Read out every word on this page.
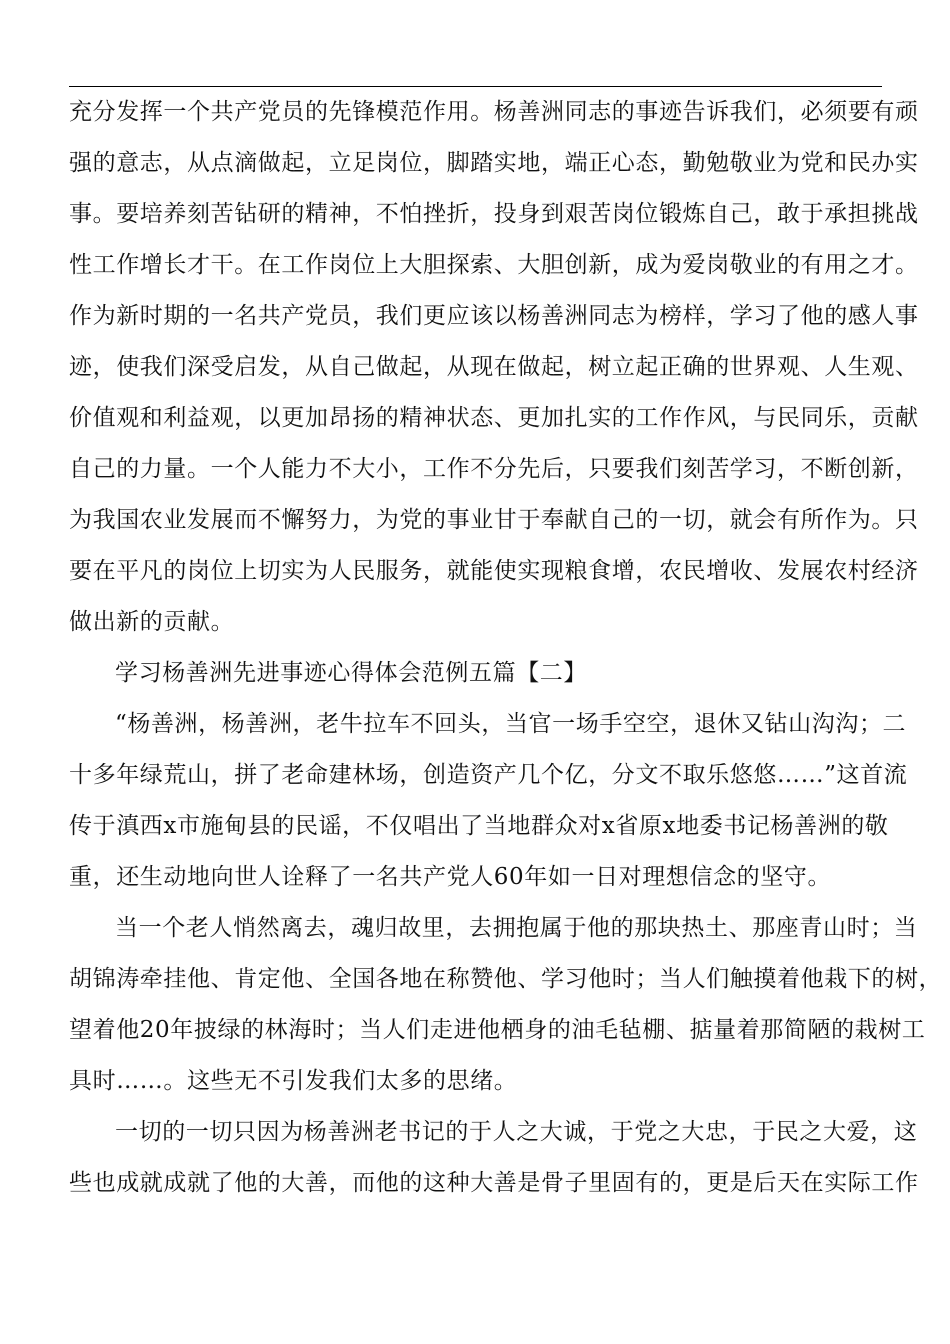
充分发挥一个共产党员的先锋模范作用。杨善洲同志的事迹告诉我们，必须要有顽
强的意志，从点滴做起，立足岗位，脚踏实地，端正心态，勤勉敬业为党和民办实
事。要培养刻苦钻研的精神，不怕挫折，投身到艰苦岗位锻炼自己，敢于承担挑战
性工作增长才干。在工作岗位上大胆探索、大胆创新，成为爱岗敬业的有用之才。
作为新时期的一名共产党员，我们更应该以杨善洲同志为榜样，学习了他的感人事
迹，使我们深受启发，从自己做起，从现在做起，树立起正确的世界观、人生观、
价值观和利益观，以更加昂扬的精神状态、更加扎实的工作作风，与民同乐，贡献
自己的力量。一个人能力不大小，工作不分先后，只要我们刻苦学习，不断创新，
为我国农业发展而不懈努力，为党的事业甘于奉献自己的一切，就会有所作为。只
要在平凡的岗位上切实为人民服务，就能使实现粮食增，农民增收、发展农村经济
做出新的贡献。
学习杨善洲先进事迹心得体会范例五篇【二】
“杨善洲，杨善洲，老牛拉车不回头，当官一场手空空，退休又钻山沟沟；二
十多年绿荒山，拼了老命建林场，创造资产几个亿，分文不取乐悠悠……”这首流
传于滇西x市施甸县的民谣，不仅唱出了当地群众对x省原x地委书记杨善洲的敬
重，还生动地向世人诠释了一名共产党人60年如一日对理想信念的坚守。
当一个老人悄然离去，魂归故里，去拥抱属于他的那块热土、那座青山时；当
胡锦涛牵挂他、肯定他、全国各地在称赞他、学习他时；当人们触摸着他栽下的树，
望着他20年披绿的林海时；当人们走进他栖身的油毛毡棚、掂量着那简陋的栽树工
具时……。这些无不引发我们太多的思绪。
一切的一切只因为杨善洲老书记的于人之大诚，于党之大忠，于民之大爱，这
些也成就成就了他的大善，而他的这种大善是骨子里固有的，更是后天在实际工作
